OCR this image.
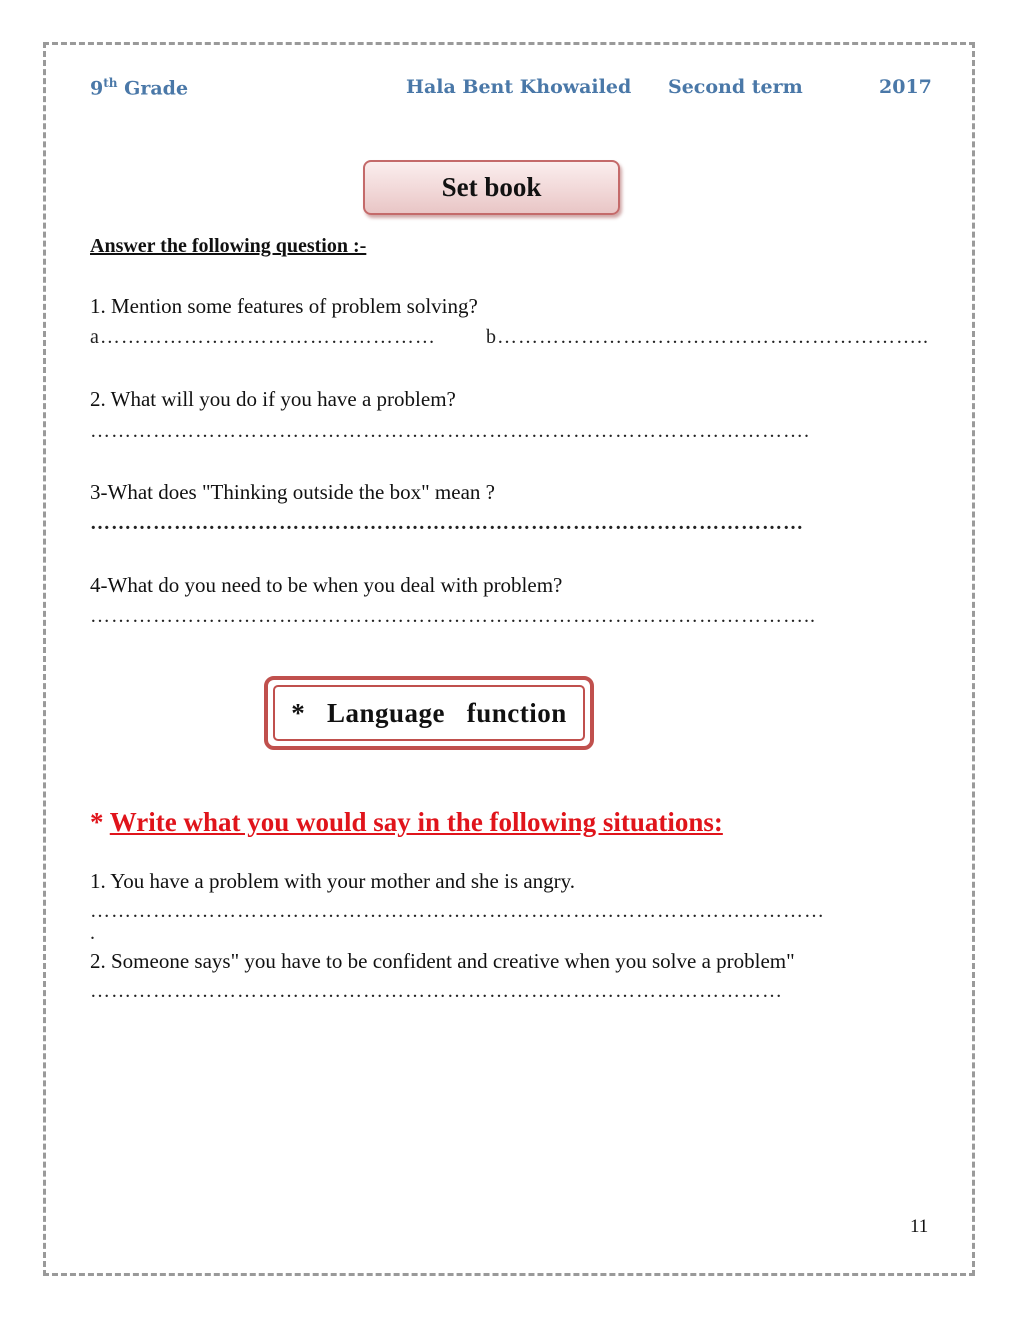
9th Grade	Hala Bent Khowailed Second term	2017
Set book
Answer the following question :-
1. Mention some features of problem solving?
a…………………………………………	b……………………………………………………..
2. What will you do if you have a problem?
………………………………………………………………………………………….
3-What does "Thinking outside the box" mean ?
…………………………………………………………………………………………
4-What do you need to be when you deal with problem?
…………………………………………………………………………………………..
*   Language   function
* Write what you would say in the following situations:
1. You have a problem with your mother and she is angry.
……………………………………………………………………………………………
.
2. Someone says" you have to be confident and creative when you solve a problem"
………………………………………………………………………………………
11
